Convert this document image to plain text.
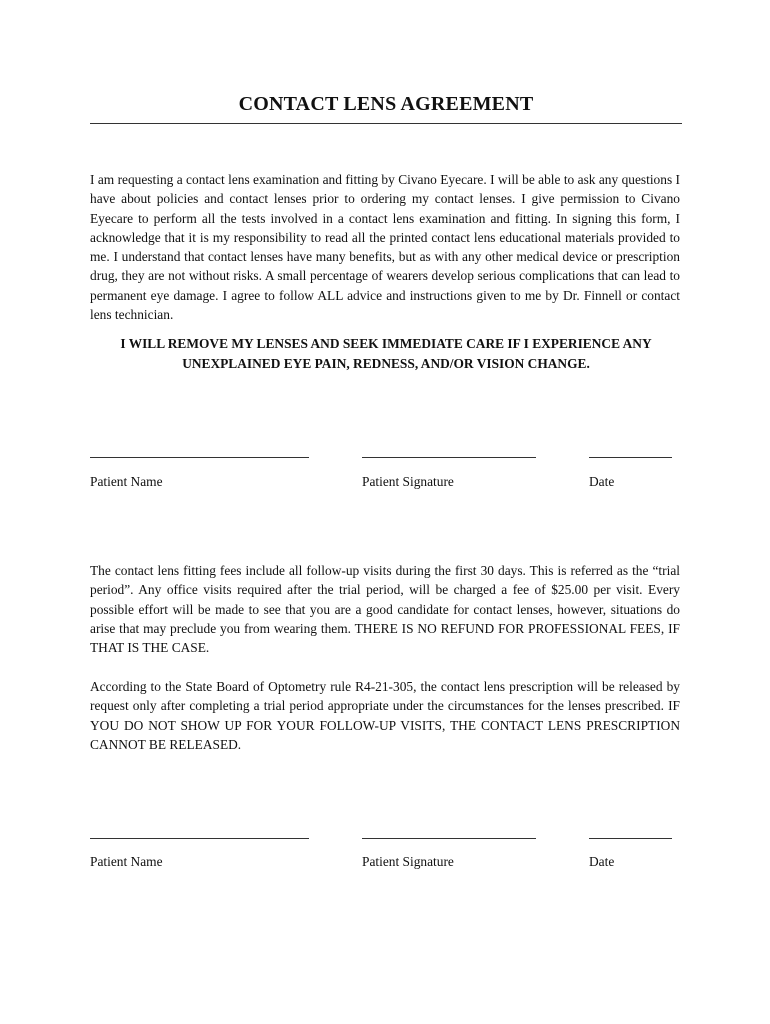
CONTACT LENS AGREEMENT

I am requesting a contact lens examination and fitting by Civano Eyecare. I will be able to ask any questions I have about policies and contact lenses prior to ordering my contact lenses. I give permission to Civano Eyecare to perform all the tests involved in a contact lens examination and fitting. In signing this form, I acknowledge that it is my responsibility to read all the printed contact lens educational materials provided to me. I understand that contact lenses have many benefits, but as with any other medical device or prescription drug, they are not without risks. A small percentage of wearers develop serious complications that can lead to permanent eye damage. I agree to follow ALL advice and instructions given to me by Dr. Finnell or contact lens technician.

I WILL REMOVE MY LENSES AND SEEK IMMEDIATE CARE IF I EXPERIENCE ANY UNEXPLAINED EYE PAIN, REDNESS, AND/OR VISION CHANGE.

Patient Name	Patient Signature	Date

The contact lens fitting fees include all follow-up visits during the first 30 days. This is referred as the “trial period”. Any office visits required after the trial period, will be charged a fee of $25.00 per visit. Every possible effort will be made to see that you are a good candidate for contact lenses, however, situations do arise that may preclude you from wearing them. THERE IS NO REFUND FOR PROFESSIONAL FEES, IF THAT IS THE CASE.

According to the State Board of Optometry rule R4-21-305, the contact lens prescription will be released by request only after completing a trial period appropriate under the circumstances for the lenses prescribed. IF YOU DO NOT SHOW UP FOR YOUR FOLLOW-UP VISITS, THE CONTACT LENS PRESCRIPTION CANNOT BE RELEASED.

Patient Name	Patient Signature	Date
